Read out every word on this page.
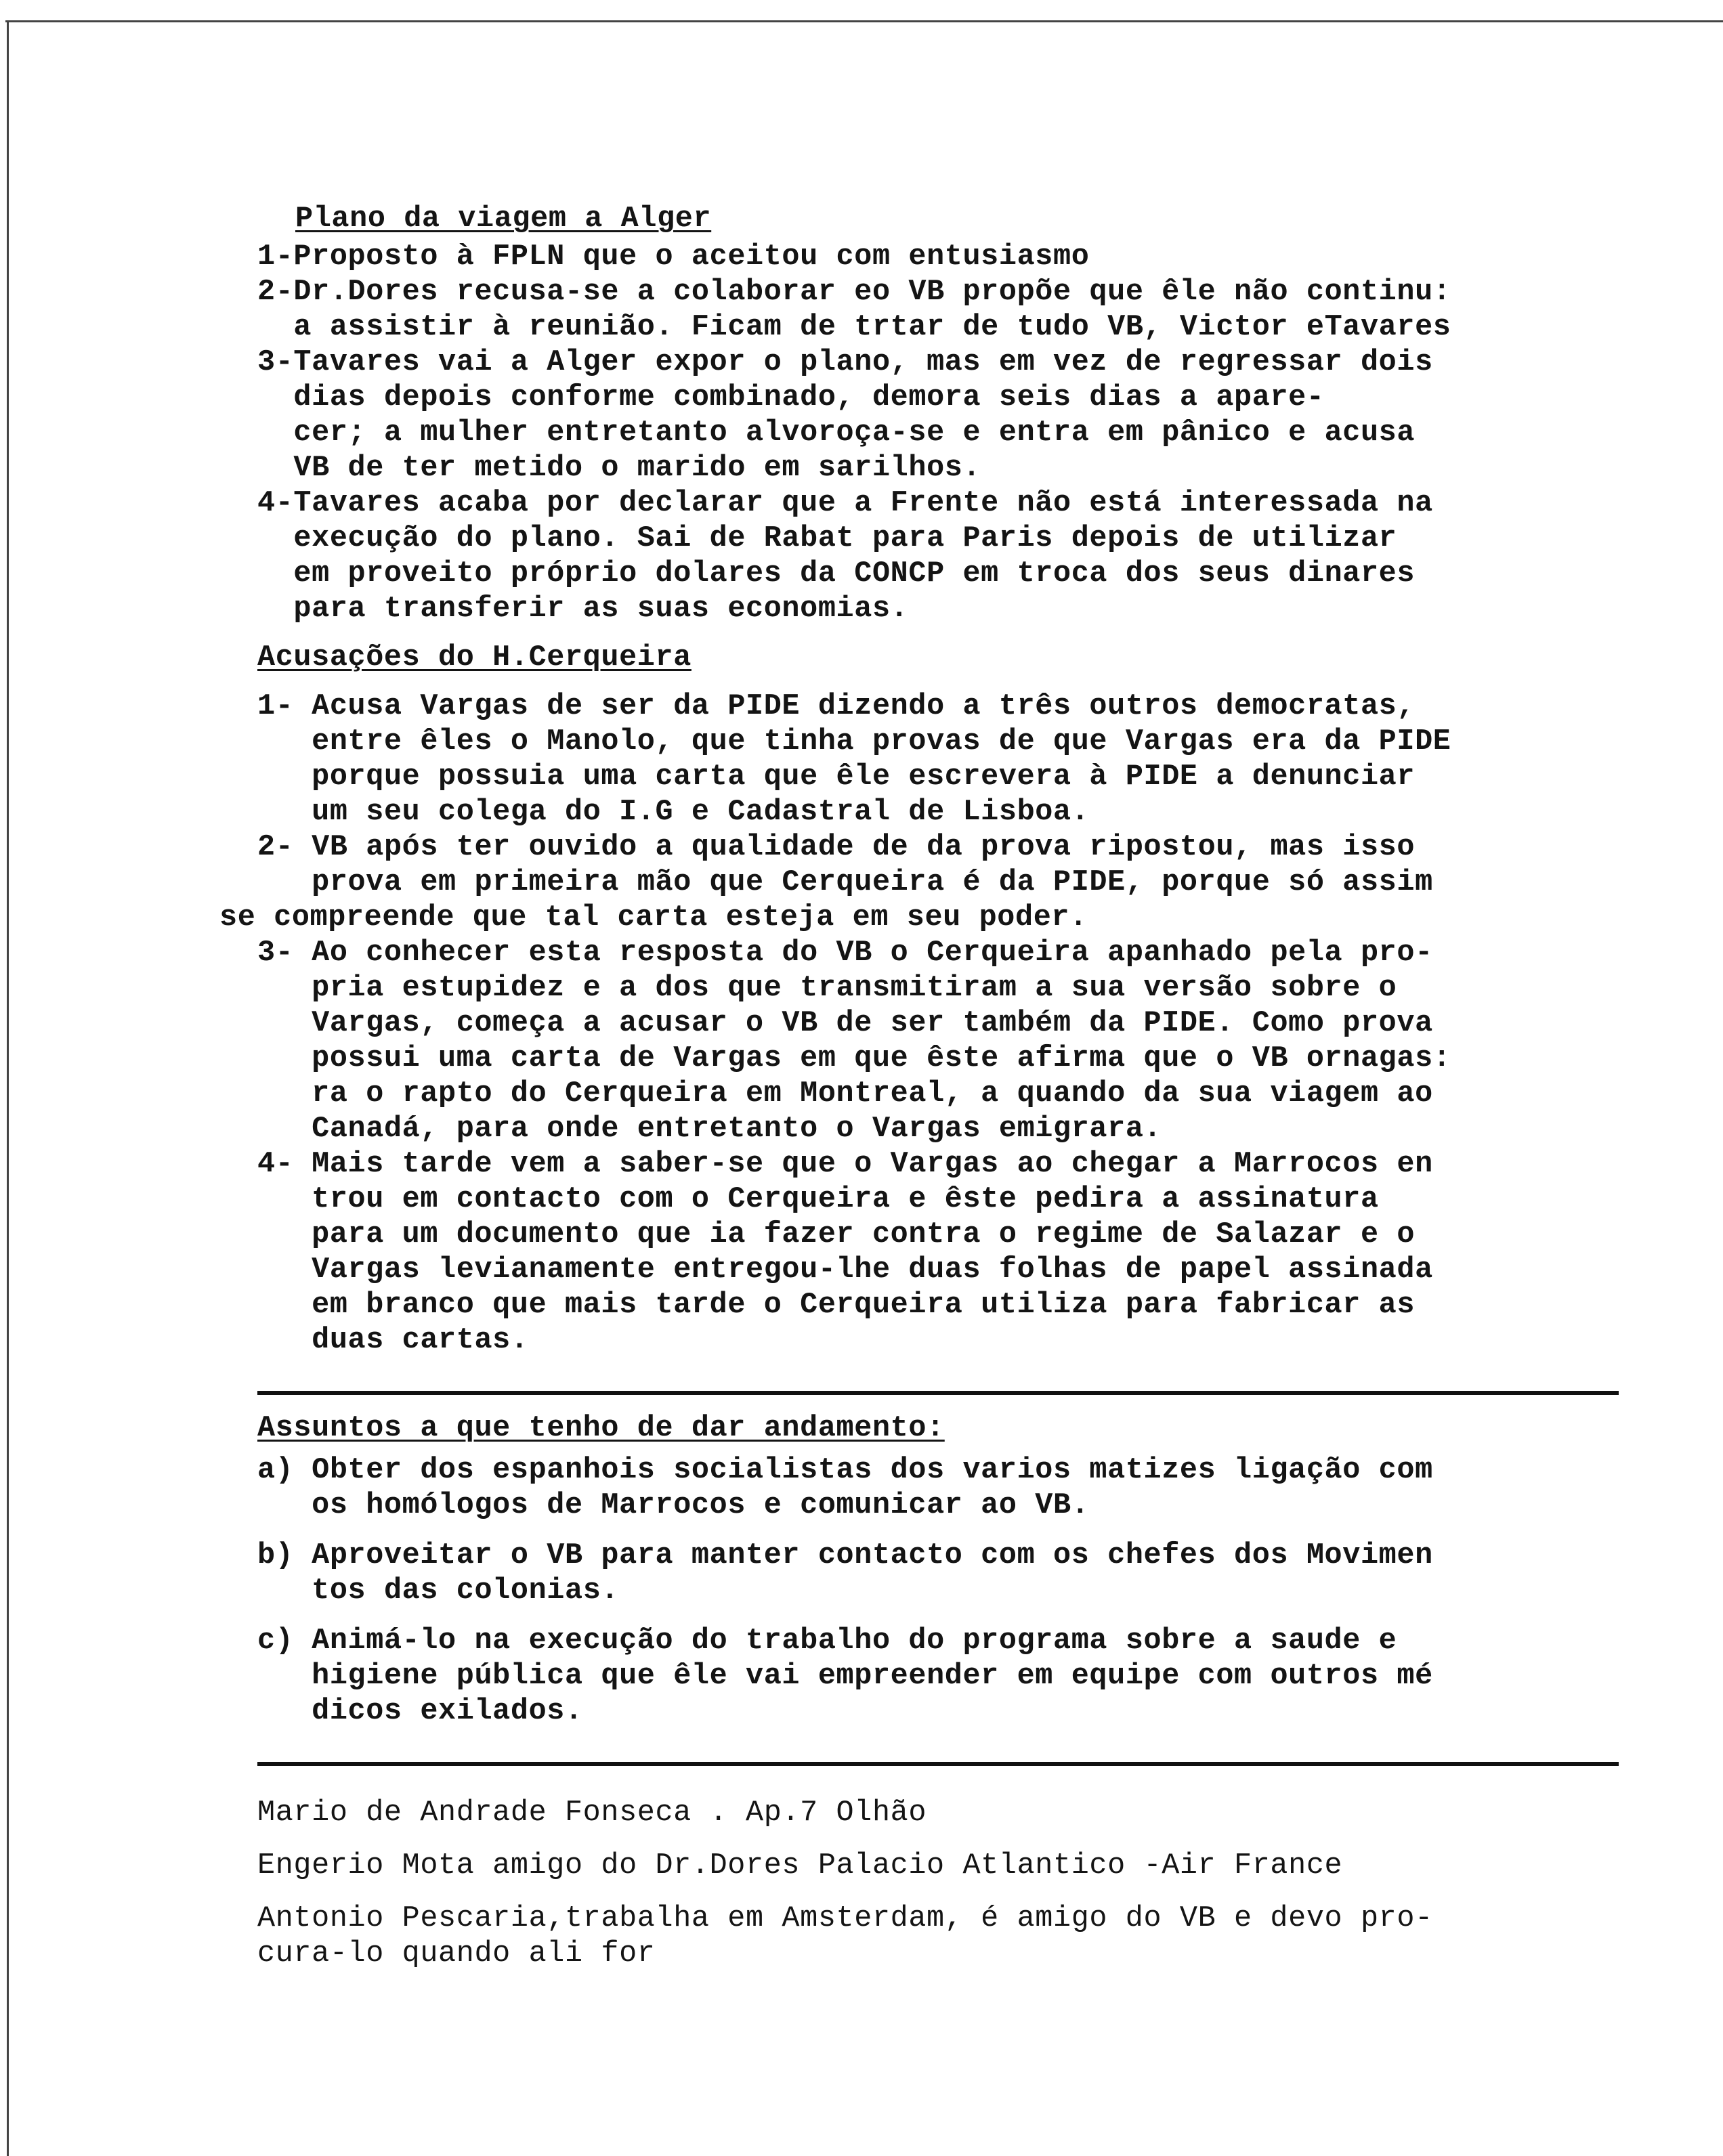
Plano da viagem a Alger
1- Proposto à FPLN que o aceitou com entusiasmo
2- Dr.Dores recusa-se a colaborar eo VB propõe que êle não continu:
a assistir à reunião. Ficam de trtar de tudo VB, Victor eTavares
3- Tavares vai a Alger expor o plano, mas em vez de regressar dois
dias depois conforme combinado, demora seis dias a apare-
cer; a mulher entretanto alvoroça-se e entra em pânico e acusa
VB de ter metido o marido em sarilhos.
4- Tavares acaba por declarar que a Frente não está interessada na
execução do plano. Sai de Rabat para Paris depois de utilizar
em proveito próprio dolares da CONCP em troca dos seus dinares
para transferir as suas economias.
Acusações do H.Cerqueira
1- Acusa Vargas de ser da PIDE dizendo a três outros democratas,
entre êles o Manolo, que tinha provas de que Vargas era da PIDE
porque possuia uma carta que êle escrevera à PIDE a denunciar
um seu colega do I.G e Cadastral de Lisboa.
2- VB após ter ouvido a qualidade de da prova ripostou, mas isso
prova em primeira mão que Cerqueira é da PIDE, porque só assim
se compreende que tal carta esteja em seu poder.
3- Ao conhecer esta resposta do VB o Cerqueira apanhado pela pro-
pria estupidez e a dos que transmitiram a sua versão sobre o
Vargas, começa a acusar o VB de ser também da PIDE. Como prova
possui uma carta de Vargas em que êste afirma que o VB ornagas:
ra o rapto do Cerqueira em Montreal, a quando da sua viagem ao
Canadá, para onde entretanto o Vargas emigrara.
4- Mais tarde vem a saber-se que o Vargas ao chegar a Marrocos en
trou em contacto com o Cerqueira e êste pedira a assinatura
para um documento que ia fazer contra o regime de Salazar e o
Vargas levianamente entregou-lhe duas folhas de papel assinada
em branco que mais tarde o Cerqueira utiliza para fabricar as
duas cartas.
Assuntos a que tenho de dar andamento:
a) Obter dos espanhois socialistas dos varios matizes ligação com
os homólogos de Marrocos e comunicar ao VB.
b) Aproveitar o VB para manter contacto com os chefes dos Movimen
tos das colonias.
c) Animá-lo na execução do trabalho do programa sobre a saude e
higiene pública que êle vai empreender em equipe com outros mé
dicos exilados.
Mario de Andrade Fonseca . Ap.7 Olhão
Engerio Mota amigo do Dr.Dores Palacio Atlantico -Air France
Antonio Pescaria,trabalha em Amsterdam, é amigo do VB e devo pro-
cura-lo quando ali for
